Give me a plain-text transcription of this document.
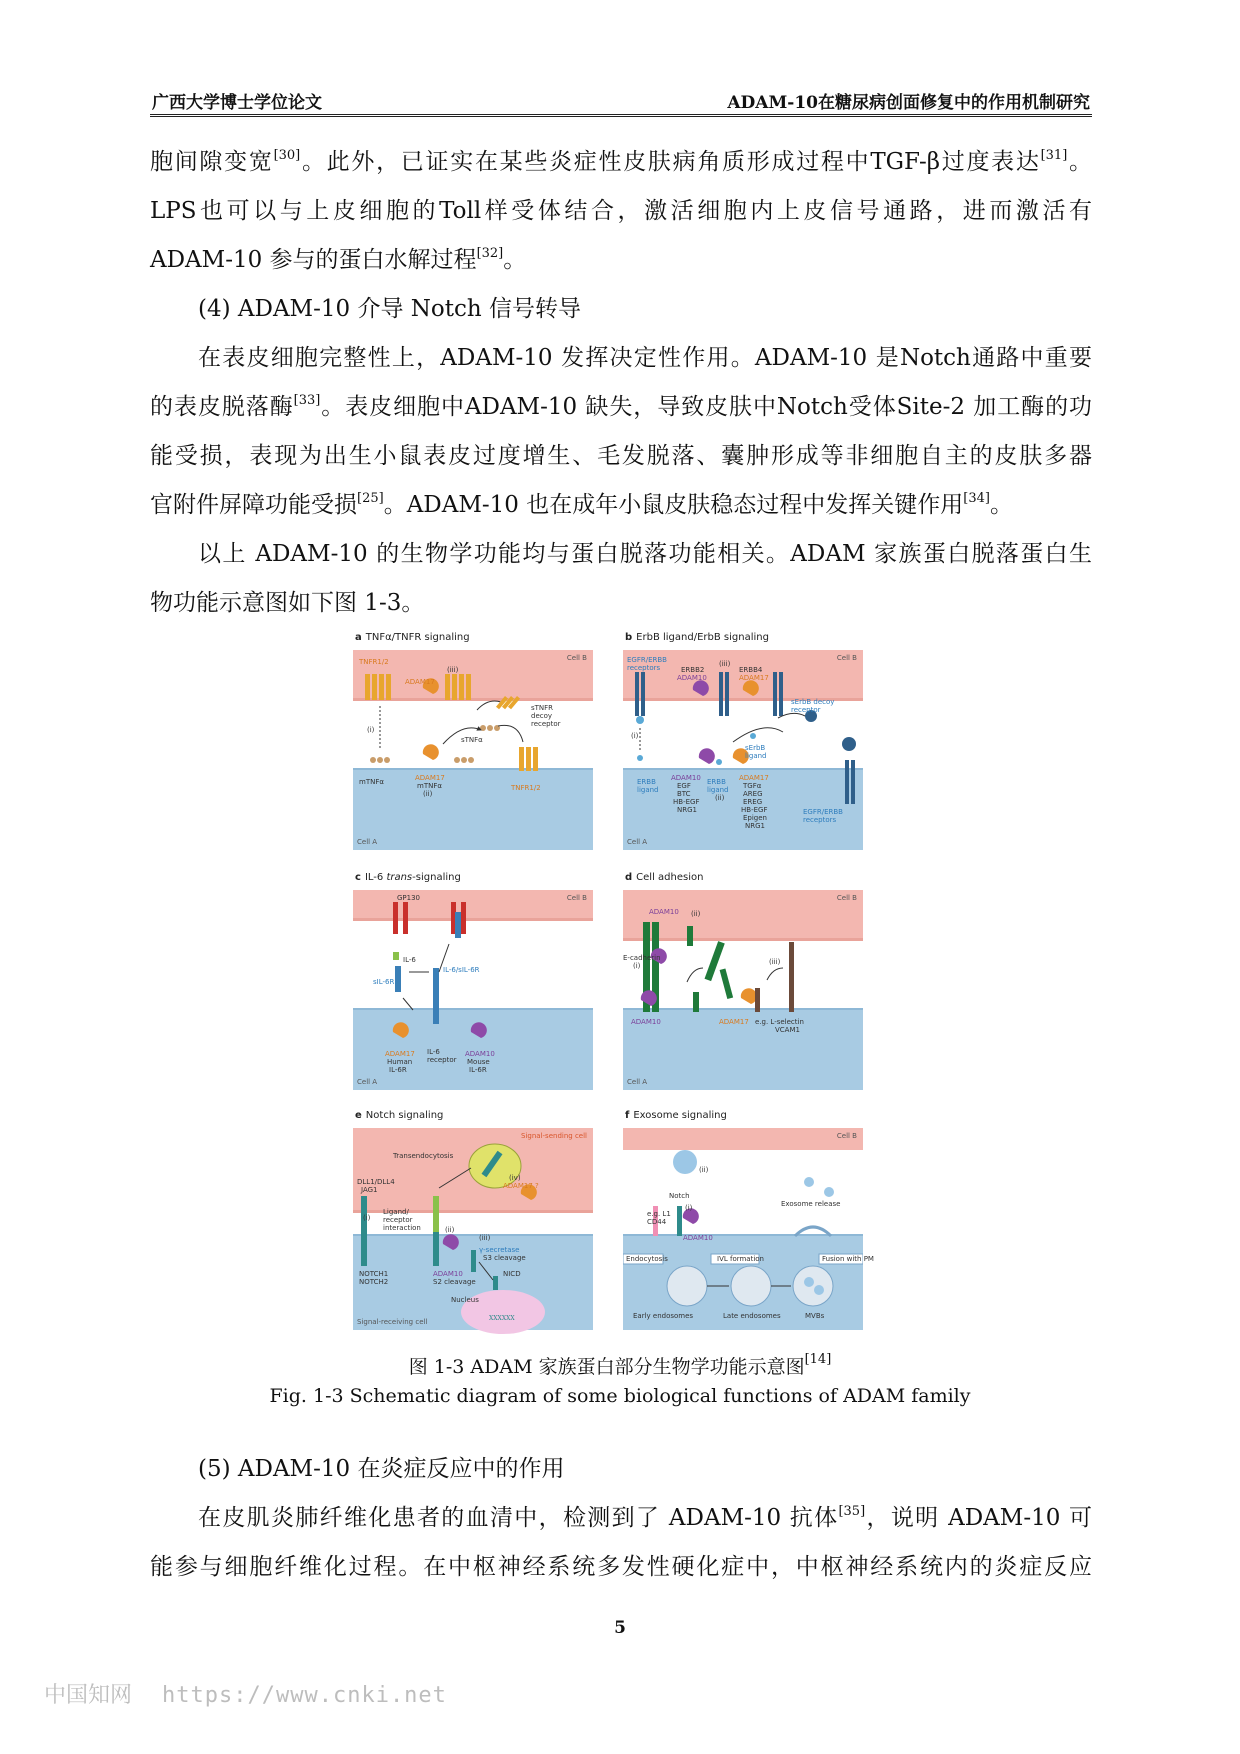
广西大学博士学位论文	ADAM-10在糖尿病创面修复中的作用机制研究

胞间隙变宽[30]。此外，已证实在某些炎症性皮肤病角质形成过程中TGF-β过度表达[31]。

LPS也可以与上皮细胞的Toll样受体结合，激活细胞内上皮信号通路，进而激活有

ADAM-10 参与的蛋白水解过程[32]。

(4) ADAM-10 介导 Notch 信号转导

在表皮细胞完整性上，ADAM-10 发挥决定性作用。ADAM-10 是Notch通路中重要

的表皮脱落酶[33]。表皮细胞中ADAM-10 缺失，导致皮肤中Notch受体Site-2 加工酶的功

能受损，表现为出生小鼠表皮过度增生、毛发脱落、囊肿形成等非细胞自主的皮肤多器

官附件屏障功能受损[25]。ADAM-10 也在成年小鼠皮肤稳态过程中发挥关键作用[34]。

以上 ADAM-10 的生物学功能均与蛋白脱落功能相关。ADAM 家族蛋白脱落蛋白生

物功能示意图如下图 1-3。

a TNFα/TNFR signaling
Cell B
Cell A
TNFR1/2
ADAM17
(iii)
sTNFR decoy receptor
(i)
sTNFα
mTNFα	ADAM17
mTNFα
(ii)
TNFR1/2
b ErbB ligand/ErbB signaling
Cell B
Cell A
EGFR/ERBB receptors	ERBB2
ADAM10
(iii)
ERBB4
ADAM17
sErbB decoy receptor
(i)
sErbB ligand
ERBB ligand
ADAM10
EGF
BTC
HB-EGF
NRG1
ERBB ligand
(ii)
ADAM17
TGFα
AREG
EREG
HB-EGF
Epigen
NRG1
EGFR/ERBB receptors
c IL-6 trans-signaling
Cell B
Cell A
GP130
IL-6
IL-6/sIL-6R
sIL-6R
ADAM17
Human
IL-6R
IL-6 receptor
ADAM10
Mouse
IL-6R
d Cell adhesion
Cell B
Cell A
ADAM10 (ii)
E-cadherin
(i)	(iii)
ADAM10	ADAM17 e.g. L-selectin
VCAM1
e Notch signaling
Signal-sending cell
Signal-receiving cell	XXXXXX
Transendocytosis
DLL1/DLL4
JAG1
(iv)
ADAM17 ?
(i)
Ligand/ receptor interaction	(ii)
(iii)
γ-secretase
S3 cleavage
NOTCH1
NOTCH2
ADAM10
S2 cleavage
NICD
Nucleus
f Exosome signaling
Cell B
(ii)
Notch
e.g. L1
CD44
(i)	Exosome release
ADAM10
Endocytosis	IVL formation	Fusion with PM
Early endosomes	Late endosomes	MVBs
图 1-3 ADAM 家族蛋白部分生物学功能示意图[14]
Fig. 1-3 Schematic diagram of some biological functions of ADAM family
(5) ADAM-10 在炎症反应中的作用

在皮肌炎肺纤维化患者的血清中，检测到了 ADAM-10 抗体[35]，说明 ADAM-10 可

能参与细胞纤维化过程。在中枢神经系统多发性硬化症中，中枢神经系统内的炎症反应

5
中国知网 https://www.cnki.net
